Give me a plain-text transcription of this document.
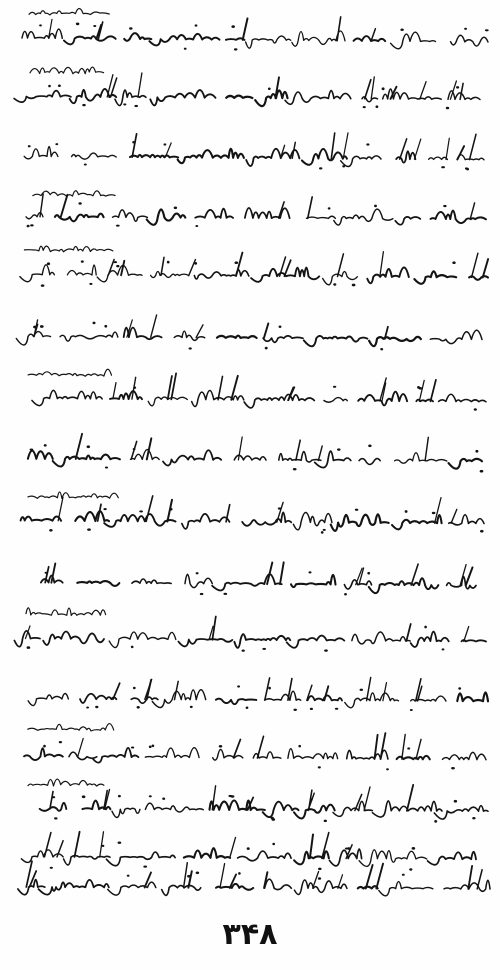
۳۴۸
